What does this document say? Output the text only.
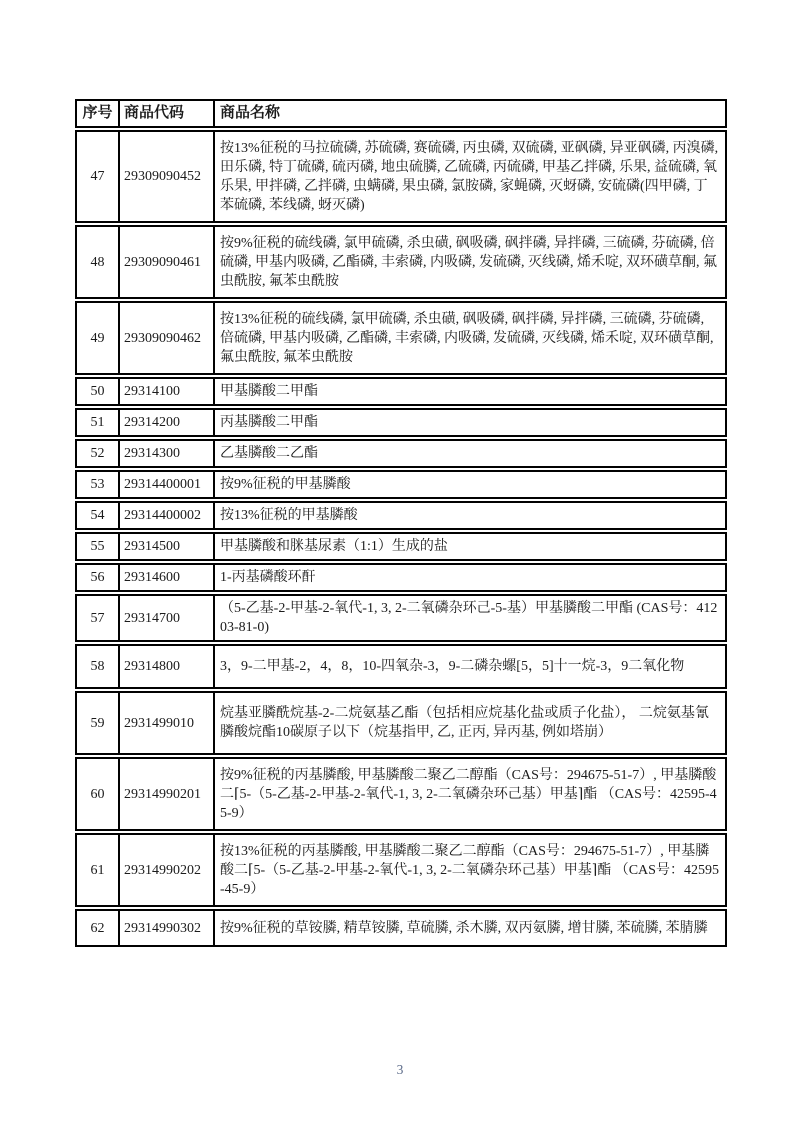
序号	商品代码	商品名称
47	29309090452	按13%征税的马拉硫磷, 苏硫磷, 赛硫磷, 丙虫磷, 双硫磷, 亚砜磷, 异亚砜磷, 丙溴磷, 田乐磷, 特丁硫磷, 硫丙磷, 地虫硫膦, 乙硫磷, 丙硫磷, 甲基乙拌磷, 乐果, 益硫磷, 氧乐果, 甲拌磷, 乙拌磷, 虫螨磷, 果虫磷, 氯胺磷, 家蝇磷, 灭蚜磷, 安硫磷(四甲磷, 丁苯硫磷, 苯线磷, 蚜灭磷)
48	29309090461	按9%征税的硫线磷, 氯甲硫磷, 杀虫磺, 砜吸磷, 砜拌磷, 异拌磷, 三硫磷, 芬硫磷, 倍硫磷, 甲基内吸磷, 乙酯磷, 丰索磷, 内吸磷, 发硫磷, 灭线磷, 烯禾啶, 双环磺草酮, 氟虫酰胺, 氟苯虫酰胺
49	29309090462	按13%征税的硫线磷, 氯甲硫磷, 杀虫磺, 砜吸磷, 砜拌磷, 异拌磷, 三硫磷, 芬硫磷, 倍硫磷, 甲基内吸磷, 乙酯磷, 丰索磷, 内吸磷, 发硫磷, 灭线磷, 烯禾啶, 双环磺草酮, 氟虫酰胺, 氟苯虫酰胺
50	29314100	甲基膦酸二甲酯
51	29314200	丙基膦酸二甲酯
52	29314300	乙基膦酸二乙酯
53	29314400001	按9%征税的甲基膦酸
54	29314400002	按13%征税的甲基膦酸
55	29314500	甲基膦酸和脒基尿素（1:1）生成的盐
56	29314600	1-丙基磷酸环酐
57	29314700	（5-乙基-2-甲基-2-氧代-1, 3, 2-二氧磷杂环己-5-基）甲基膦酸二甲酯 (CAS号：41203-81-0)
58	29314800	3，9-二甲基-2，4，8，10-四氧杂-3，9-二磷杂螺[5，5]十一烷-3，9二氧化物
59	2931499010	烷基亚膦酰烷基-2-二烷氨基乙酯（包括相应烷基化盐或质子化盐）， 二烷氨基氰膦酸烷酯10碳原子以下（烷基指甲, 乙, 正丙, 异丙基, 例如塔崩）
60	29314990201	按9%征税的丙基膦酸, 甲基膦酸二聚乙二醇酯（CAS号：294675-51-7）, 甲基膦酸二⌈5-（5-乙基-2-甲基-2-氧代-1, 3, 2-二氧磷杂环己基）甲基⌉酯 （CAS号：42595-45-9）
61	29314990202	按13%征税的丙基膦酸, 甲基膦酸二聚乙二醇酯（CAS号：294675-51-7）, 甲基膦酸二⌈5-（5-乙基-2-甲基-2-氧代-1, 3, 2-二氧磷杂环己基）甲基⌉酯 （CAS号：42595-45-9）
62	29314990302	按9%征税的草铵膦, 精草铵膦, 草硫膦, 杀木膦, 双丙氨膦, 增甘膦, 苯硫膦, 苯腈膦
3
